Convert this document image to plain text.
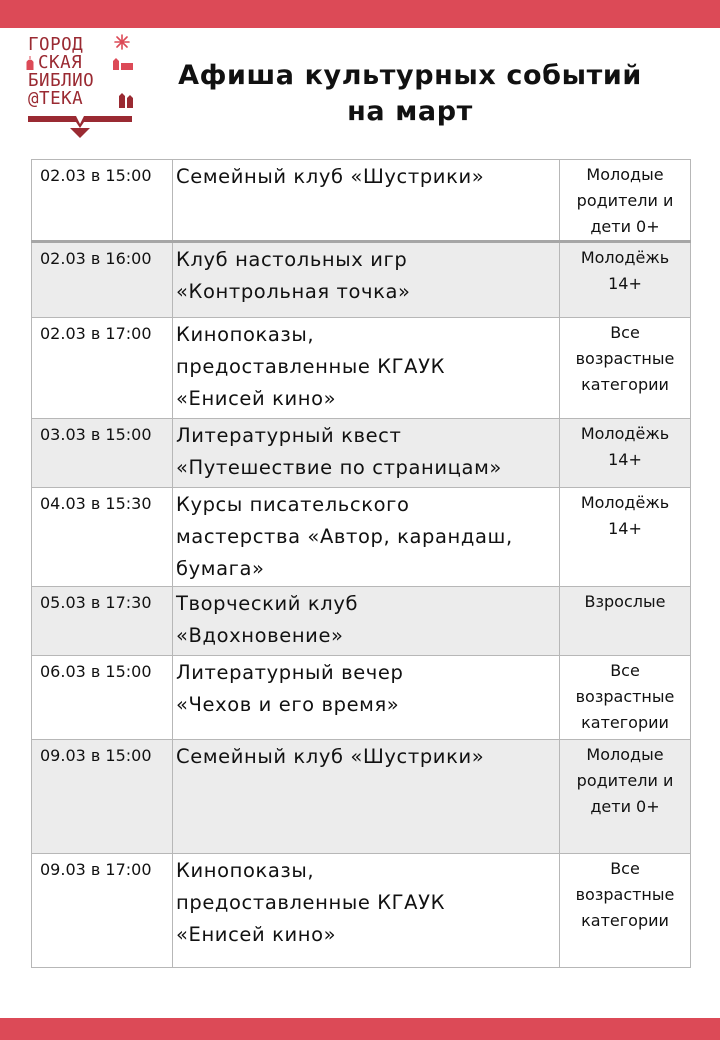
ГОРОД
СКАЯ
БИБЛИО
@ТЕКА
Афиша культурных событий
на март
02.03 в 15:00	Семейный клуб «Шустрики»	Молодые
родители и
дети 0+

02.03 в 16:00	Клуб настольных игр
«Контрольная точка»	Молодёжь
14+

02.03 в 17:00	Кинопоказы,
предоставленные КГАУК
«Енисей кино»	Все
возрастные
категории

03.03 в 15:00	Литературный квест
«Путешествие по страницам»	Молодёжь
14+

04.03 в 15:30	Курсы писательского
мастерства «Автор, карандаш,
бумага»	Молодёжь
14+

05.03 в 17:30	Творческий клуб
«Вдохновение»	Взрослые

06.03 в 15:00	Литературный вечер
«Чехов и его время»	Все
возрастные
категории

09.03 в 15:00	Семейный клуб «Шустрики»	Молодые
родители и
дети 0+

09.03 в 17:00	Кинопоказы,
предоставленные КГАУК
«Енисей кино»	Все
возрастные
категории
